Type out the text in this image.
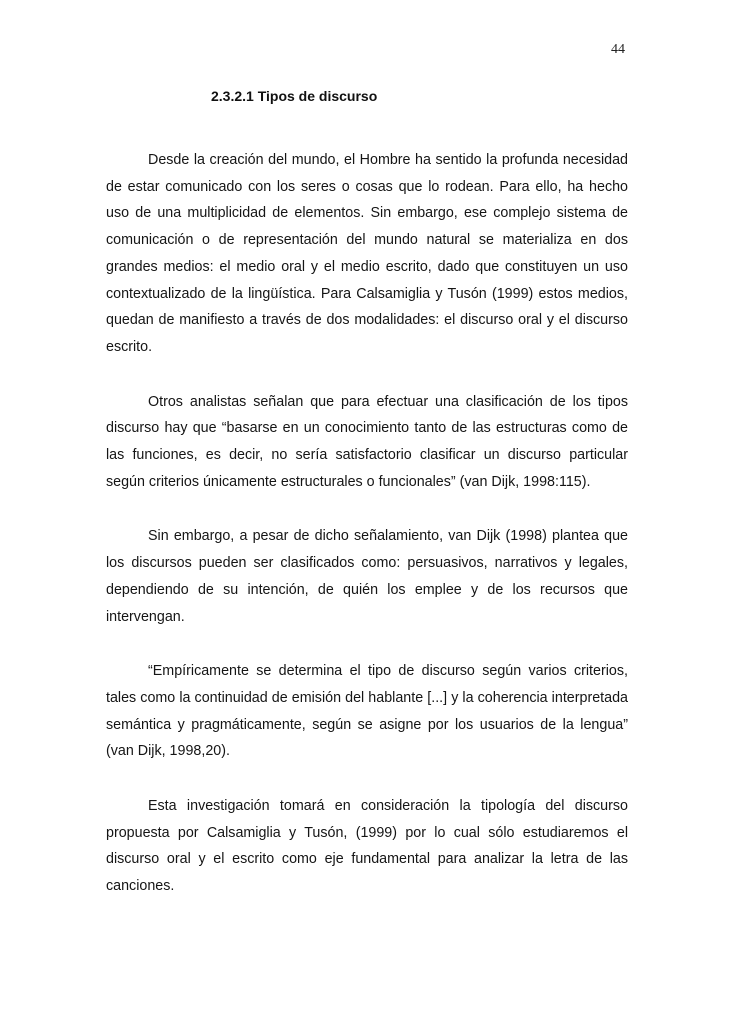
44
2.3.2.1 Tipos de discurso

Desde la creación del mundo, el Hombre ha sentido la profunda necesidad de estar comunicado con los seres o cosas que lo rodean. Para ello, ha hecho uso de una multiplicidad de elementos. Sin embargo, ese complejo sistema de comunicación o de representación del mundo natural se materializa en dos grandes medios: el medio oral y el medio escrito, dado que constituyen un uso contextualizado de la lingüística. Para Calsamiglia y Tusón (1999) estos medios, quedan de manifiesto a través de dos modalidades: el discurso oral y el discurso escrito.

Otros analistas señalan que para efectuar una clasificación de los tipos discurso hay que “basarse en un conocimiento tanto de las estructuras como de las funciones, es decir, no sería satisfactorio clasificar un discurso particular según criterios únicamente estructurales o funcionales” (van Dijk, 1998:115).

Sin embargo, a pesar de dicho señalamiento, van Dijk (1998) plantea que los discursos pueden ser clasificados como: persuasivos, narrativos y legales, dependiendo de su intención, de quién los emplee y de los recursos que intervengan.

“Empíricamente se determina el tipo de discurso según varios criterios, tales como la continuidad de emisión del hablante [...] y la coherencia interpretada semántica y pragmáticamente, según se asigne por los usuarios de la lengua” (van Dijk, 1998,20).

Esta investigación tomará en consideración la tipología del discurso propuesta por Calsamiglia y Tusón, (1999) por lo cual sólo estudiaremos el discurso oral y el escrito como eje fundamental para analizar la letra de las canciones.
